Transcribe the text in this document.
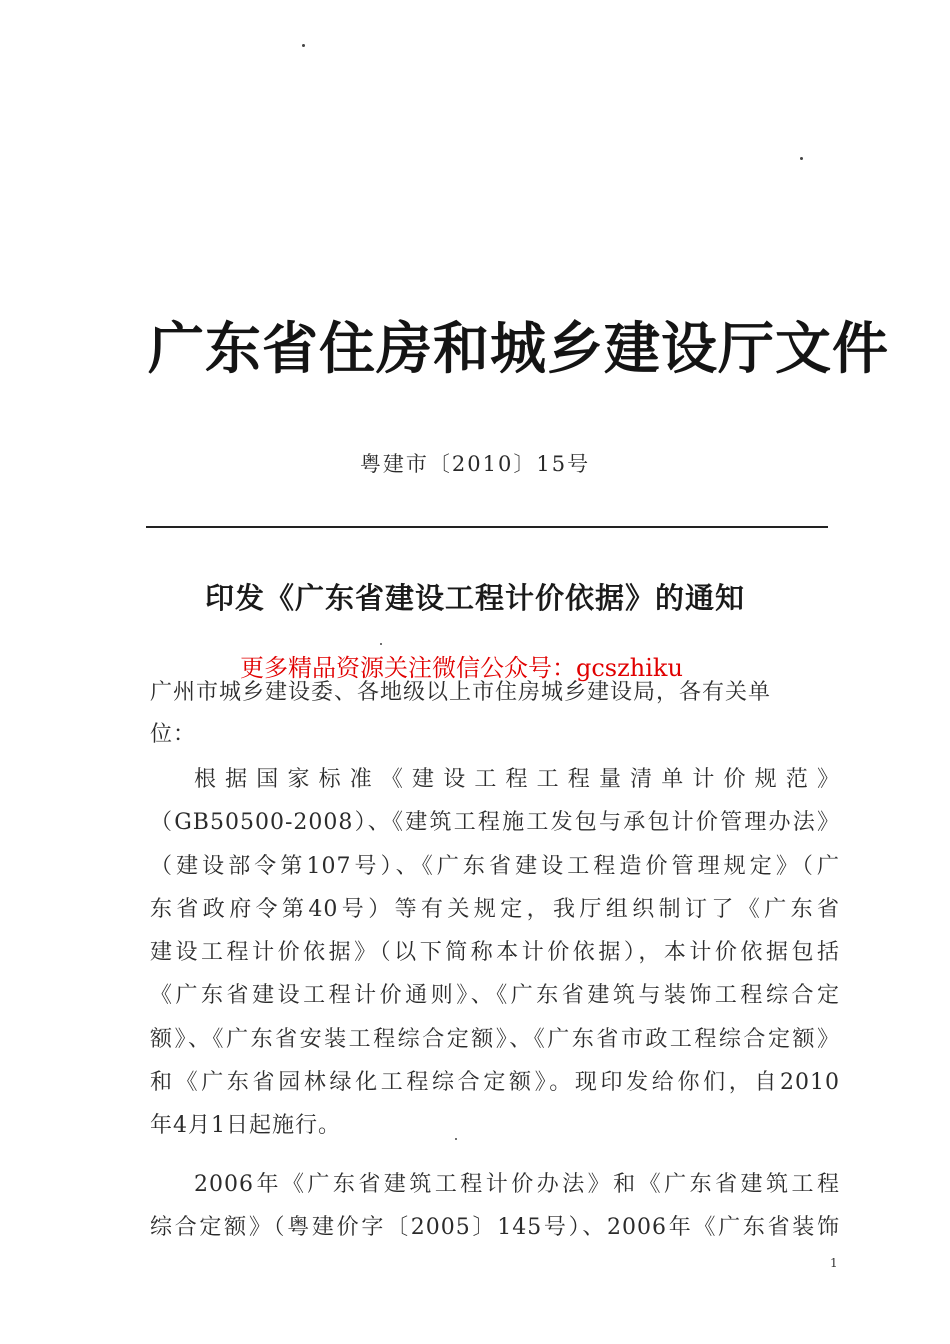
广东省住房和城乡建设厅文件
粤建市〔2010〕15号
印发《广东省建设工程计价依据》的通知
更多精品资源关注微信公众号：gcszhiku
广州市城乡建设委、各地级以上市住房城乡建设局，各有关单
位：
根据国家标准《建设工程工程量清单计价规范》
（GB50500-2008）、《建筑工程施工发包与承包计价管理办法》
（建设部令第107号）、《广东省建设工程造价管理规定》（广
东省政府令第40号）等有关规定，我厅组织制订了《广东省
建设工程计价依据》（以下简称本计价依据），本计价依据包括
《广东省建设工程计价通则》、《广东省建筑与装饰工程综合定
额》、《广东省安装工程综合定额》、《广东省市政工程综合定额》
和《广东省园林绿化工程综合定额》。现印发给你们，自2010
年4月1日起施行。
2006年《广东省建筑工程计价办法》和《广东省建筑工程
综合定额》（粤建价字〔2005〕145号）、2006年《广东省装饰
1
